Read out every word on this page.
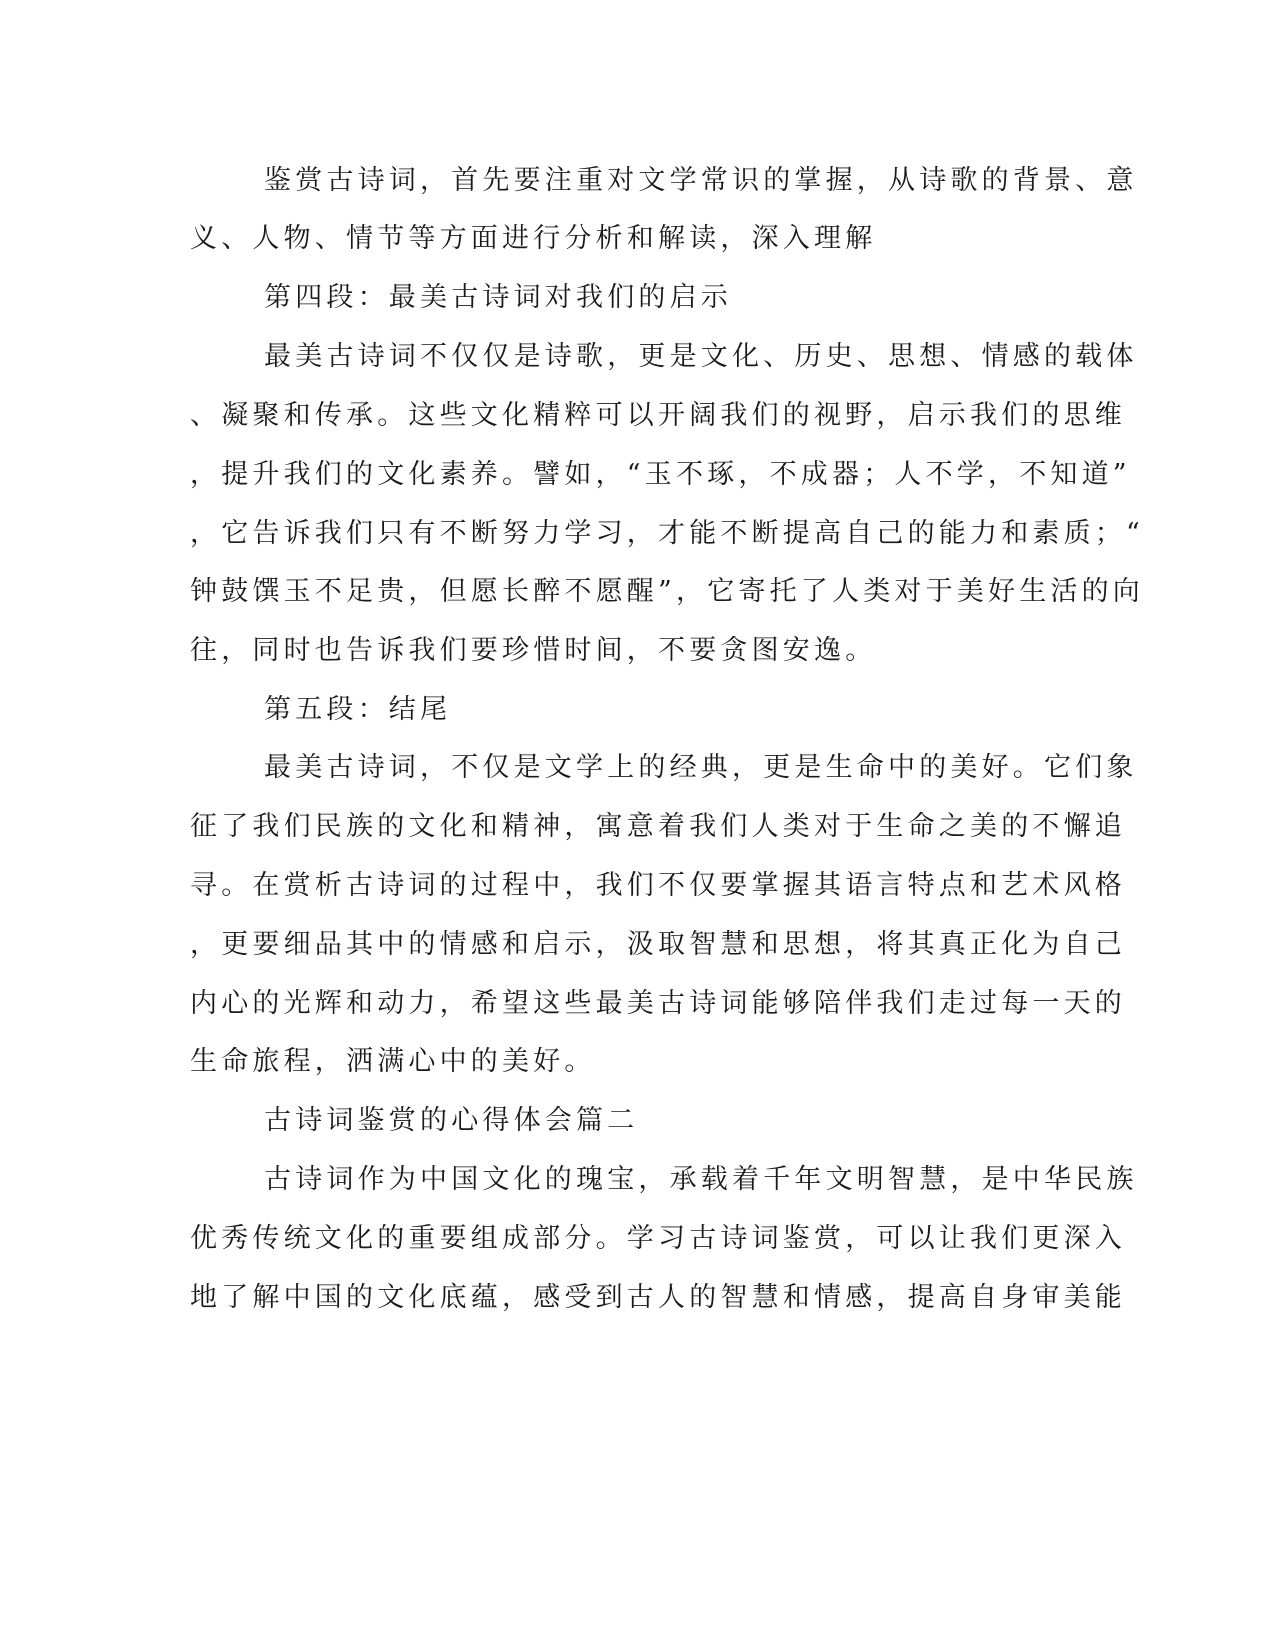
鉴赏古诗词，首先要注重对文学常识的掌握，从诗歌的背景、意
义、人物、情节等方面进行分析和解读，深入理解
第四段：最美古诗词对我们的启示
最美古诗词不仅仅是诗歌，更是文化、历史、思想、情感的载体
、凝聚和传承。这些文化精粹可以开阔我们的视野，启示我们的思维
，提升我们的文化素养。譬如，“玉不琢，不成器；人不学，不知道”
，它告诉我们只有不断努力学习，才能不断提高自己的能力和素质；“
钟鼓馔玉不足贵，但愿长醉不愿醒”，它寄托了人类对于美好生活的向
往，同时也告诉我们要珍惜时间，不要贪图安逸。
第五段：结尾
最美古诗词，不仅是文学上的经典，更是生命中的美好。它们象
征了我们民族的文化和精神，寓意着我们人类对于生命之美的不懈追
寻。在赏析古诗词的过程中，我们不仅要掌握其语言特点和艺术风格
，更要细品其中的情感和启示，汲取智慧和思想，将其真正化为自己
内心的光辉和动力，希望这些最美古诗词能够陪伴我们走过每一天的
生命旅程，洒满心中的美好。
古诗词鉴赏的心得体会篇二
古诗词作为中国文化的瑰宝，承载着千年文明智慧，是中华民族
优秀传统文化的重要组成部分。学习古诗词鉴赏，可以让我们更深入
地了解中国的文化底蕴，感受到古人的智慧和情感，提高自身审美能
